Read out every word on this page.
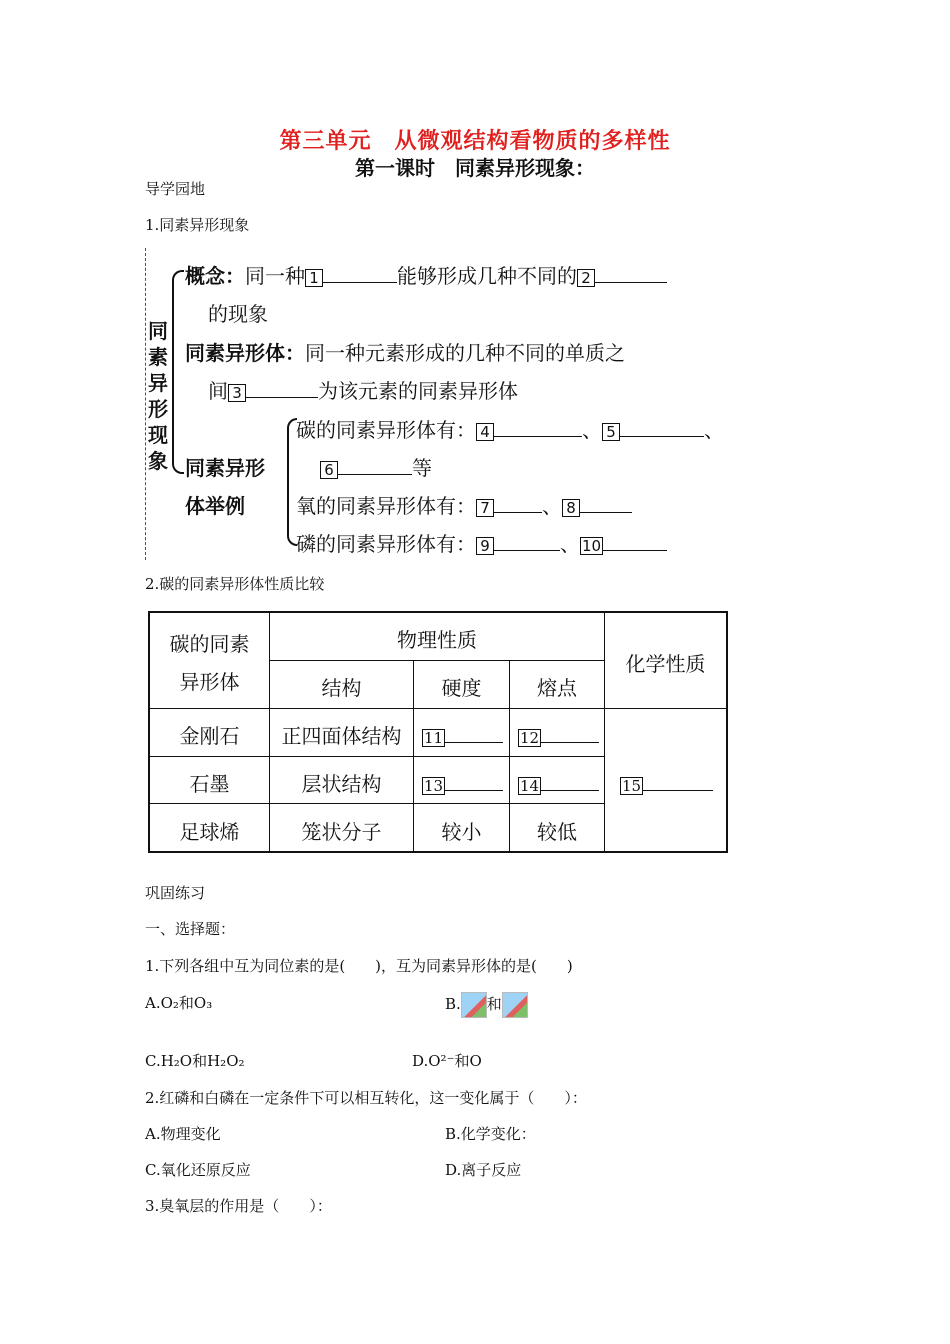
第三单元　从微观结构看物质的多样性
第一课时　同素异形现象：
导学园地
1.同素异形现象
同素异形现象
概念：同一种 1	能够形成几种不同的 2
的现象
同素异形体：同一种元素形成的几种不同的单质之
间 3	为该元素的同素异形体
同素异形
体举例
碳的同素异形体有： 4	、 5	、
6	等
氧的同素异形体有： 7	、 8
磷的同素异形体有： 9	、 10
2.碳的同素异形体性质比较
碳的同素
异形体
物理性质
化学性质
结构	硬度	熔点
金刚石	正四面体结构	11	12
石墨	层状结构	13	14	15
足球烯	笼状分子	较小	较低
巩固练习
一、选择题：
1.下列各组中互为同位素的是(　　)，互为同素异形体的是(　　)
A.O₂和O₃	B. 和
C.H₂O和H₂O₂	D.O²⁻和O
2.红磷和白磷在一定条件下可以相互转化，这一变化属于（　　）：
A.物理变化	B.化学变化：
C.氧化还原反应	D.离子反应
3.臭氧层的作用是（　　）：
